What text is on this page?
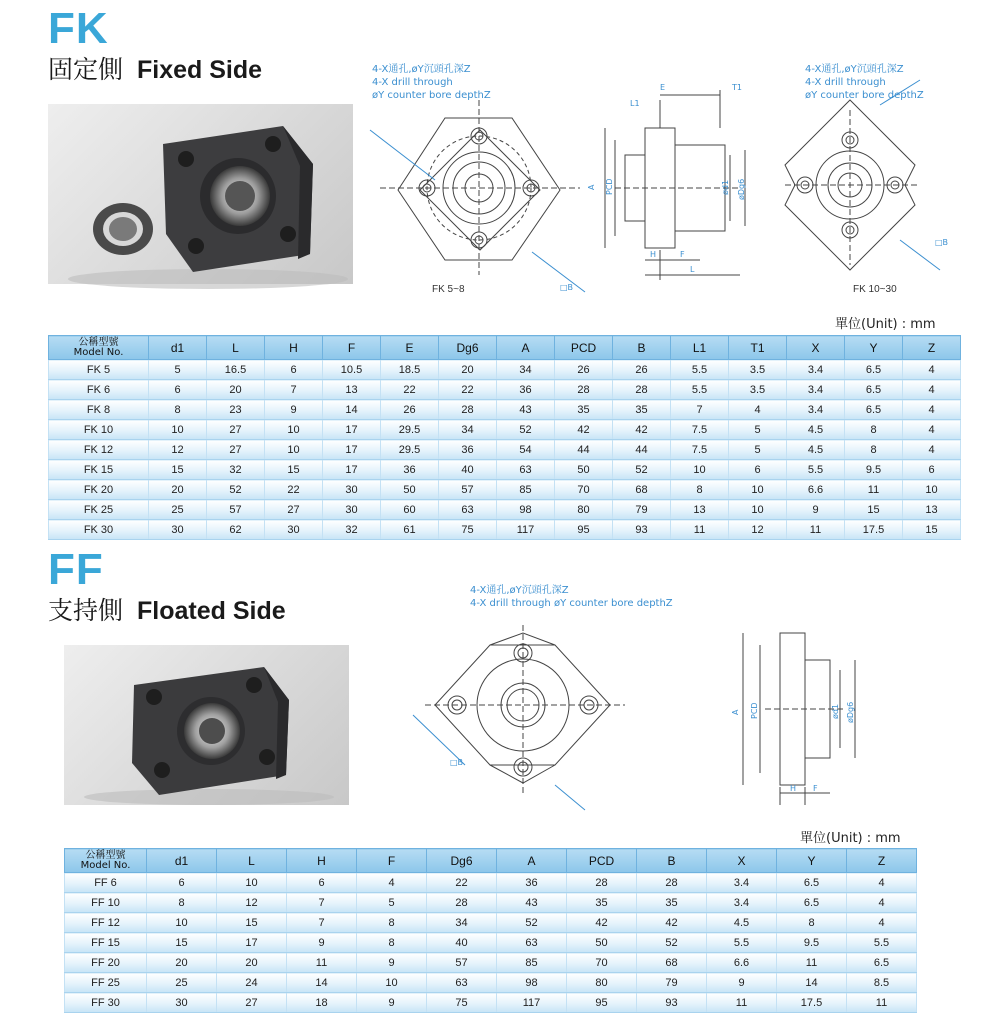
FK
固定側 Fixed Side
□B
A PCD	ød1 øDg6
E	T1
L1
H	F
L
□B
4-X通孔,øY沉頭孔深Z
4-X drill through
øY counter bore depthZ
4-X通孔,øY沉頭孔深Z
4-X drill through
øY counter bore depthZ
FK 5~8	FK 10~30
單位(Unit) : mm
公稱型號
Model No.	d1	L	H	F	E	Dg6	A	PCD	B	L1	T1	X	Y	Z
FK 5	5	16.5	6	10.5	18.5	20	34	26	26	5.5	3.5	3.4	6.5	4
FK 6	6	20	7	13	22	22	36	28	28	5.5	3.5	3.4	6.5	4
FK 8	8	23	9	14	26	28	43	35	35	7	4	3.4	6.5	4
FK 10	10	27	10	17	29.5	34	52	42	42	7.5	5	4.5	8	4
FK 12	12	27	10	17	29.5	36	54	44	44	7.5	5	4.5	8	4
FK 15	15	32	15	17	36	40	63	50	52	10	6	5.5	9.5	6
FK 20	20	52	22	30	50	57	85	70	68	8	10	6.6	11	10
FK 25	25	57	27	30	60	63	98	80	79	13	10	9	15	13
FK 30	30	62	30	32	61	75	117	95	93	11	12	11	17.5	15
FF
支持側 Floated Side
□B
A PCD	ød1 øDg6
H F
4-X通孔,øY沉頭孔深Z
4-X drill through øY counter bore depthZ
單位(Unit) : mm
公稱型號
Model No.	d1	L	H	F	Dg6	A	PCD	B	X	Y	Z
FF 6	6	10	6	4	22	36	28	28	3.4	6.5	4
FF 10	8	12	7	5	28	43	35	35	3.4	6.5	4
FF 12	10	15	7	8	34	52	42	42	4.5	8	4
FF 15	15	17	9	8	40	63	50	52	5.5	9.5	5.5
FF 20	20	20	11	9	57	85	70	68	6.6	11	6.5
FF 25	25	24	14	10	63	98	80	79	9	14	8.5
FF 30	30	27	18	9	75	117	95	93	11	17.5	11
